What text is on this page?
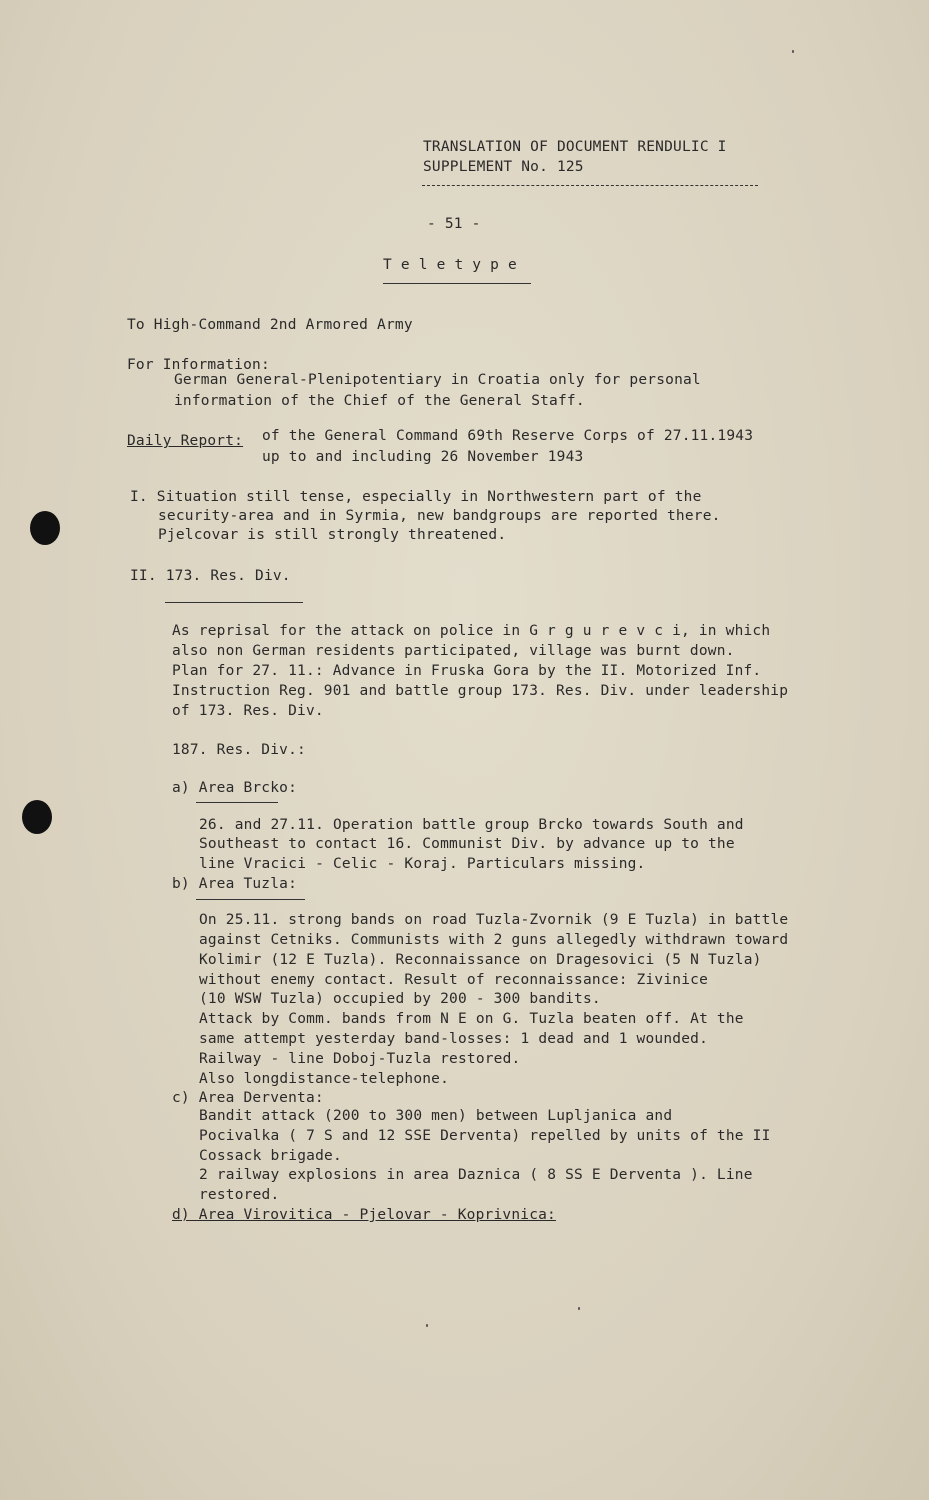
TRANSLATION OF DOCUMENT RENDULIC I
SUPPLEMENT No. 125
- 51 -
T e l e t y p e
To High-Command 2nd Armored Army
For Information:
German General-Plenipotentiary in Croatia only for personal
information of the Chief of the General Staff.
Daily Report: of the General Command 69th Reserve Corps of 27.11.1943
up to and including 26 November 1943
I. Situation still tense, especially in Northwestern part of the
security-area and in Syrmia, new bandgroups are reported there.
Pjelcovar is still strongly threatened.
II. 173. Res. Div.
As reprisal for the attack on police in G r g u r e v c i, in which
also non German residents participated, village was burnt down.
Plan for 27. 11.: Advance in Fruska Gora by the II. Motorized Inf.
Instruction Reg. 901 and battle group 173. Res. Div. under leadership
of 173. Res. Div.
187. Res. Div.:
a) Area Brcko:
26. and 27.11. Operation battle group Brcko towards South and
Southeast to contact 16. Communist Div. by advance up to the
line Vracici - Celic - Koraj. Particulars missing.
b) Area Tuzla:
On 25.11. strong bands on road Tuzla-Zvornik (9 E Tuzla) in battle
against Cetniks. Communists with 2 guns allegedly withdrawn toward
Kolimir (12 E Tuzla). Reconnaissance on Dragesovici (5 N Tuzla)
without enemy contact. Result of reconnaissance: Zivinice
(10 WSW Tuzla) occupied by 200 - 300 bandits.
Attack by Comm. bands from N E on G. Tuzla beaten off. At the
same attempt yesterday band-losses: 1 dead and 1 wounded.
Railway - line Doboj-Tuzla restored.
Also longdistance-telephone.
c) Area Derventa:
Bandit attack (200 to 300 men) between Lupljanica and
Pocivalka ( 7 S and 12 SSE Derventa) repelled by units of the II
Cossack brigade.
2 railway explosions in area Daznica ( 8 SS E Derventa ). Line
restored.
d) Area Virovitica - Pjelovar - Koprivnica:
